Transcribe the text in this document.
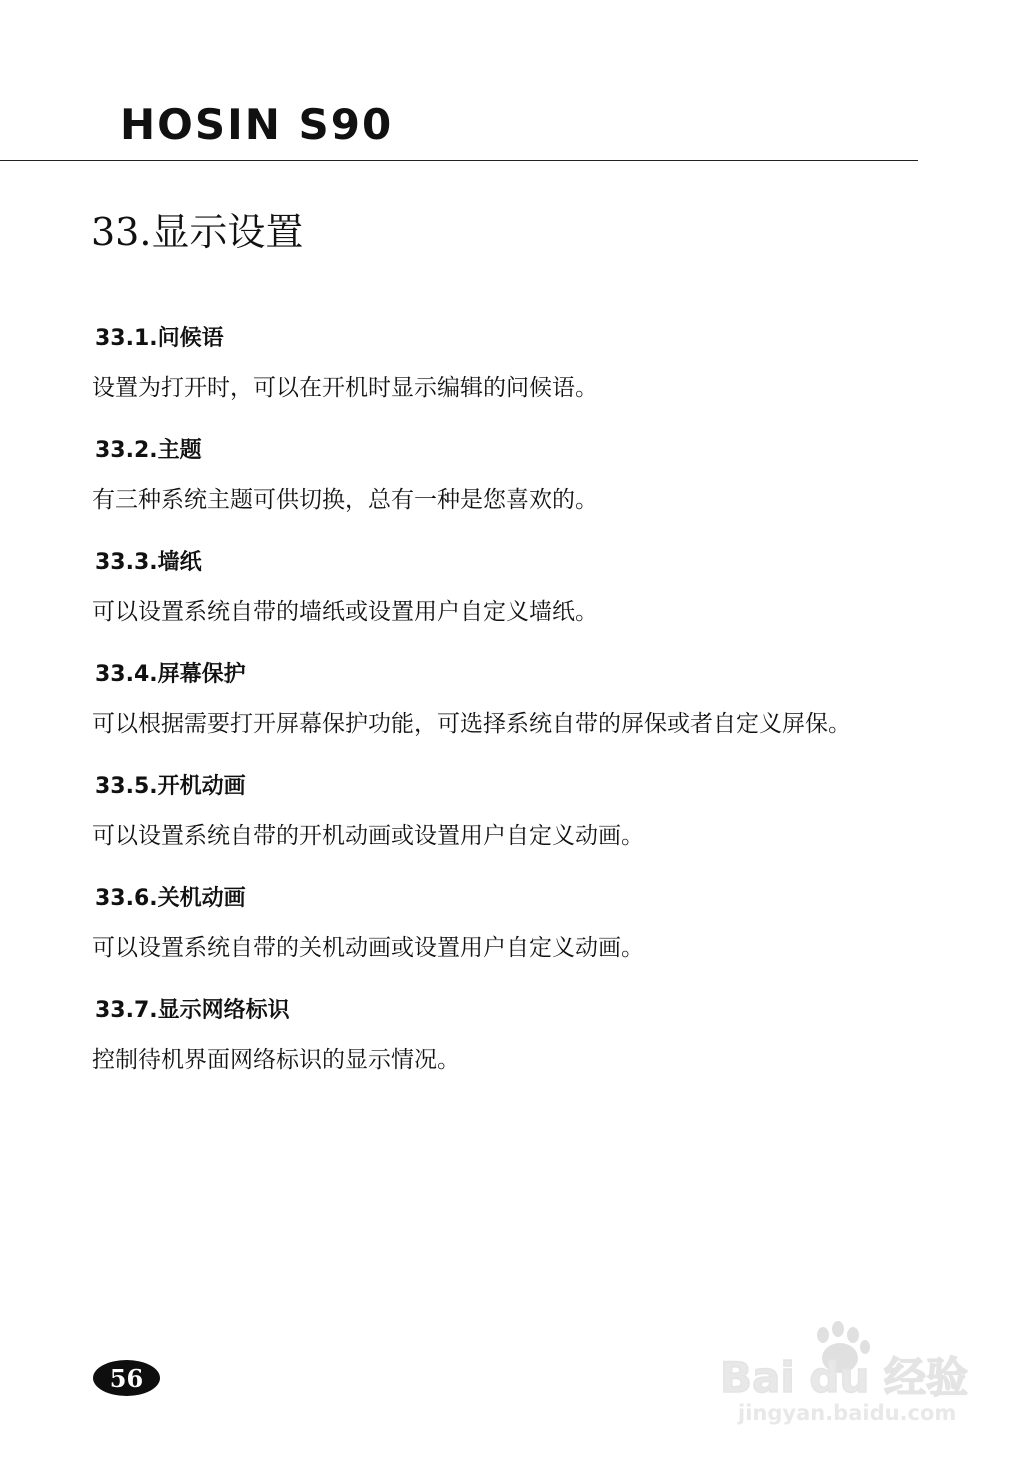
HOSIN S90
33.显示设置
33.1.问候语

设置为打开时，可以在开机时显示编辑的问候语。

33.2.主题

有三种系统主题可供切换，总有一种是您喜欢的。

33.3.墙纸

可以设置系统自带的墙纸或设置用户自定义墙纸。

33.4.屏幕保护

可以根据需要打开屏幕保护功能，可选择系统自带的屏保或者自定义屏保。

33.5.开机动画

可以设置系统自带的开机动画或设置用户自定义动画。

33.6.关机动画

可以设置系统自带的关机动画或设置用户自定义动画。

33.7.显示网络标识

控制待机界面网络标识的显示情况。

56	Bai du 经验
jingyan.baidu.com
